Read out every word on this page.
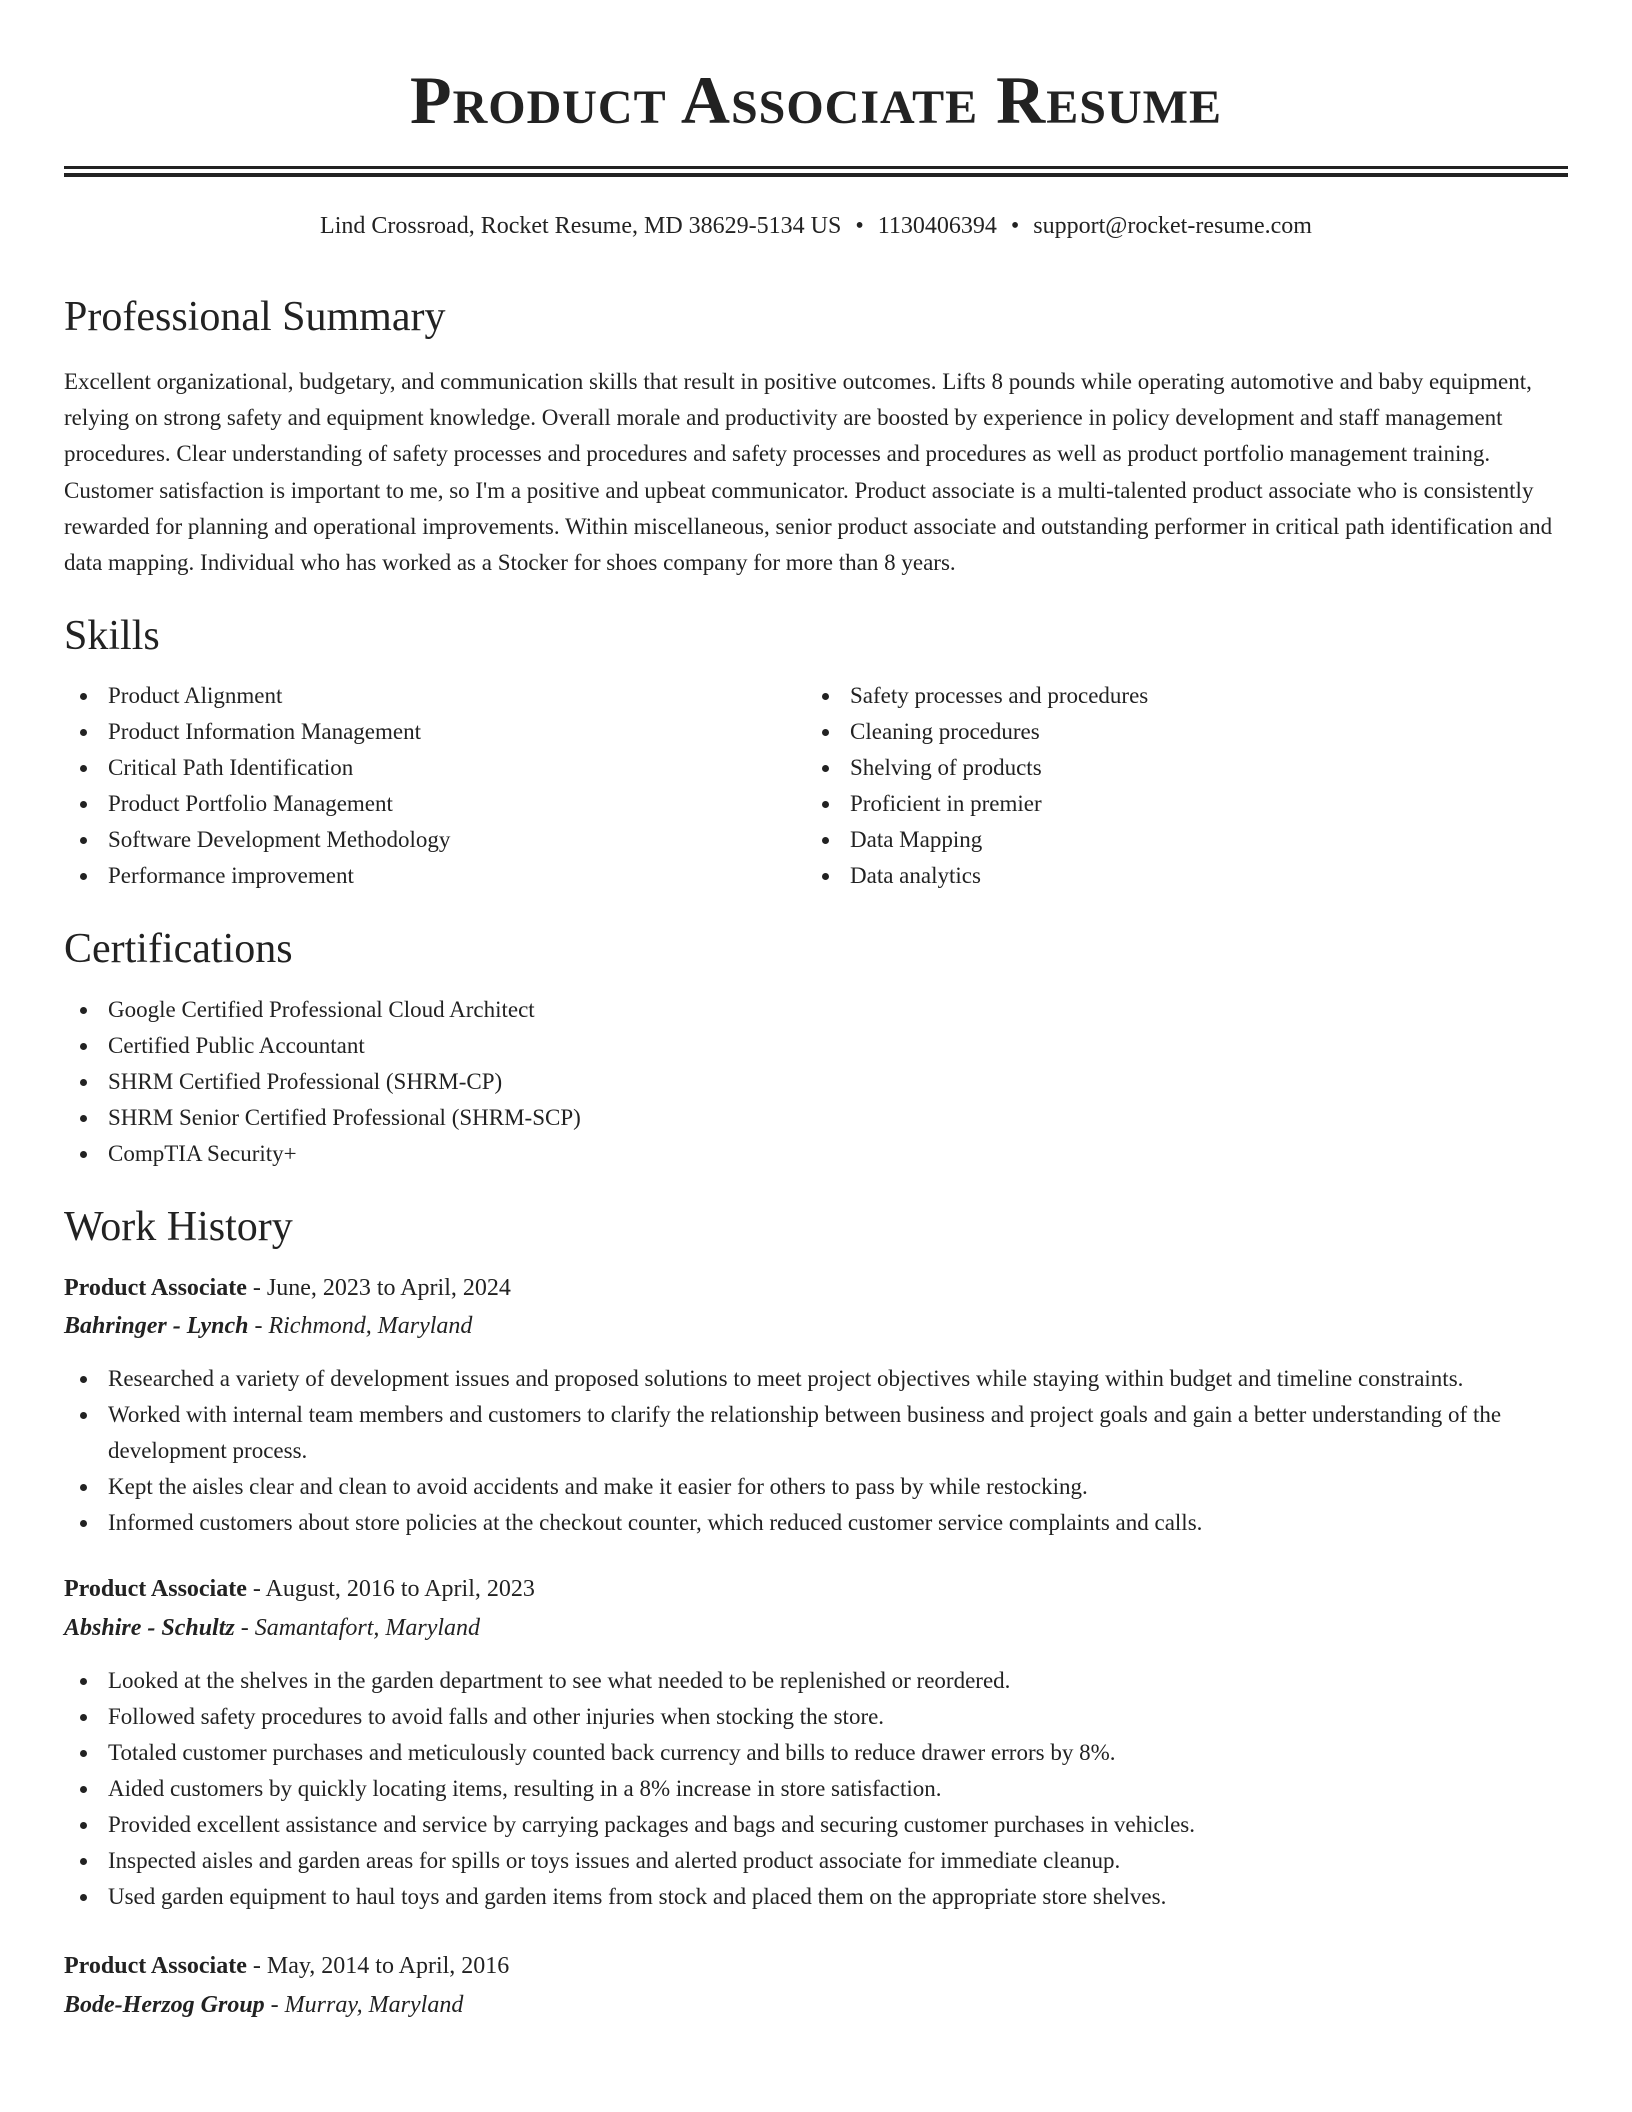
Product Associate Resume
Lind Crossroad, Rocket Resume, MD 38629-5134 US • 1130406394 • support@rocket-resume.com
Professional Summary

Excellent organizational, budgetary, and communication skills that result in positive outcomes. Lifts 8 pounds while operating automotive and baby equipment, relying on strong safety and equipment knowledge. Overall morale and productivity are boosted by experience in policy development and staff management procedures. Clear understanding of safety processes and procedures and safety processes and procedures as well as product portfolio management training. Customer satisfaction is important to me, so I'm a positive and upbeat communicator. Product associate is a multi-talented product associate who is consistently rewarded for planning and operational improvements. Within miscellaneous, senior product associate and outstanding performer in critical path identification and data mapping. Individual who has worked as a Stocker for shoes company for more than 8 years.

Skills
Product Alignment
Product Information Management
Critical Path Identification
Product Portfolio Management
Software Development Methodology
Performance improvement
Safety processes and procedures
Cleaning procedures
Shelving of products
Proficient in premier
Data Mapping
Data analytics
Certifications
Google Certified Professional Cloud Architect
Certified Public Accountant
SHRM Certified Professional (SHRM-CP)
SHRM Senior Certified Professional (SHRM-SCP)
CompTIA Security+
Work History
Product Associate - June, 2023 to April, 2024
Bahringer - Lynch - Richmond, Maryland
Researched a variety of development issues and proposed solutions to meet project objectives while staying within budget and timeline constraints.
Worked with internal team members and customers to clarify the relationship between business and project goals and gain a better understanding of the development process.
Kept the aisles clear and clean to avoid accidents and make it easier for others to pass by while restocking.
Informed customers about store policies at the checkout counter, which reduced customer service complaints and calls.
Product Associate - August, 2016 to April, 2023
Abshire - Schultz - Samantafort, Maryland
Looked at the shelves in the garden department to see what needed to be replenished or reordered.
Followed safety procedures to avoid falls and other injuries when stocking the store.
Totaled customer purchases and meticulously counted back currency and bills to reduce drawer errors by 8%.
Aided customers by quickly locating items, resulting in a 8% increase in store satisfaction.
Provided excellent assistance and service by carrying packages and bags and securing customer purchases in vehicles.
Inspected aisles and garden areas for spills or toys issues and alerted product associate for immediate cleanup.
Used garden equipment to haul toys and garden items from stock and placed them on the appropriate store shelves.
Product Associate - May, 2014 to April, 2016
Bode-Herzog Group - Murray, Maryland
